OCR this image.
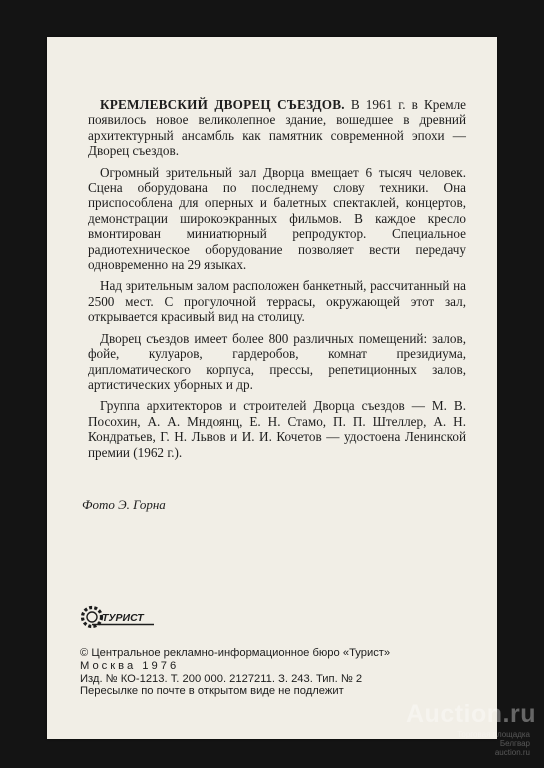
КРЕМЛЕВСКИЙ ДВОРЕЦ СЪЕЗДОВ. В 1961 г. в Кремле появилось новое великолепное здание, вошедшее в древний архитектурный ансамбль как памятник современной эпохи — Дворец съездов.

Огромный зрительный зал Дворца вмещает 6 тысяч человек. Сцена оборудована по последнему слову техники. Она приспособлена для оперных и балетных спектаклей, концертов, демонстрации широкоэкранных фильмов. В каждое кресло вмонтирован миниатюрный репродуктор. Специальное радиотехническое оборудование позволяет вести передачу одновременно на 29 языках.

Над зрительным залом расположен банкетный, рассчитанный на 2500 мест. С прогулочной террасы, окружающей этот зал, открывается красивый вид на столицу.

Дворец съездов имеет более 800 различных помещений: залов, фойе, кулуаров, гардеробов, комнат президиума, дипломатического корпуса, прессы, репетиционных залов, артистических уборных и др.

Группа архитекторов и строителей Дворца съездов — М. В. Посохин, А. А. Мндоянц, Е. Н. Стамо, П. П. Штеллер, А. Н. Кондратьев, Г. Н. Львов и И. И. Кочетов — удостоена Ленинской премии (1962 г.).

Фото Э. Горна
ТУРИСТ
© Центральное рекламно-информационное бюро «Турист»
Москва 1976
Изд. № КО-1213. Т. 200 000. 2127211. З. 243. Тип. № 2
Пересылке по почте в открытом виде не подлежит
Auction.ru
Торговая площадка
Белгвар
auction.ru
